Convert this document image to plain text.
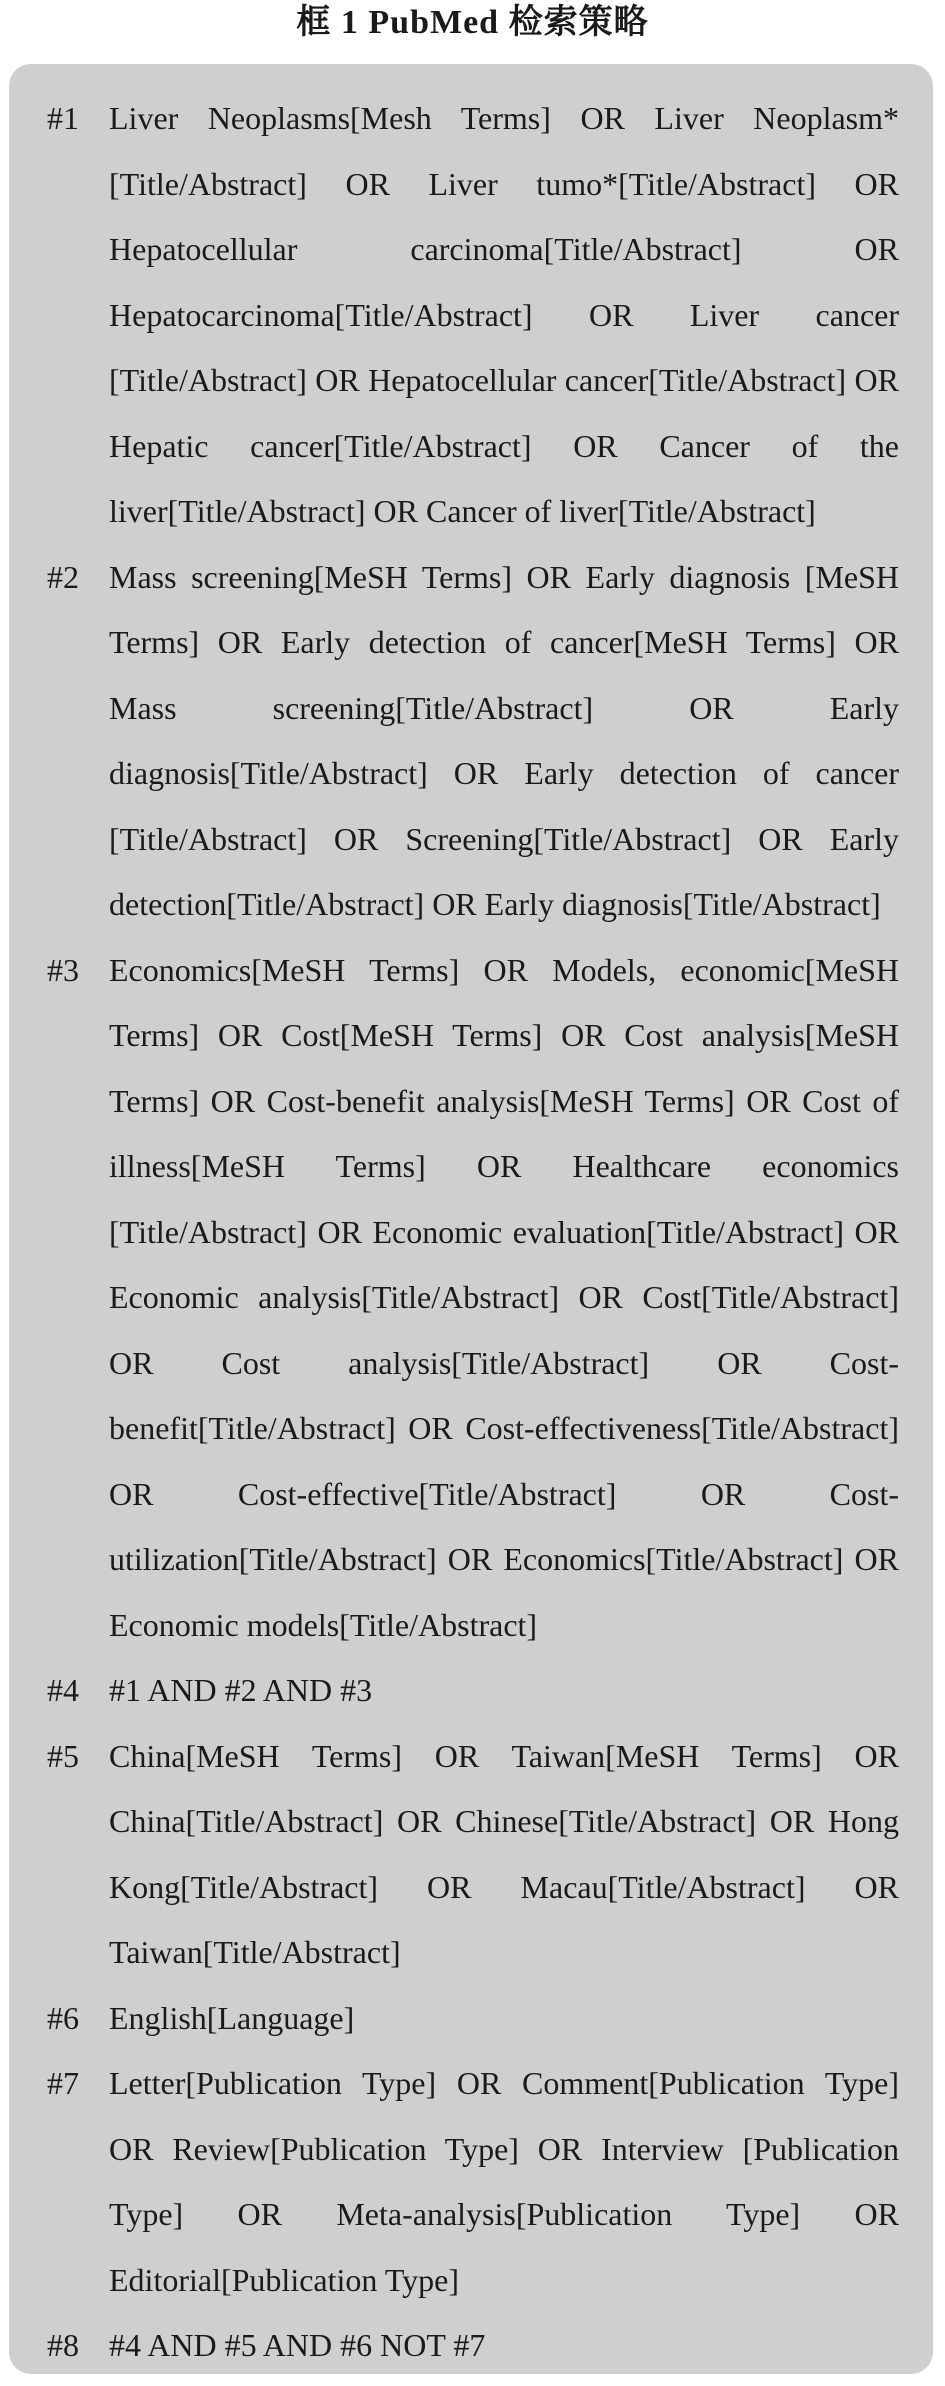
框 1 PubMed 检索策略
#1 Liver Neoplasms[Mesh Terms] OR Liver Neoplasm*[Title/Abstract] OR Liver tumo*[Title/Abstract] OR Hepatocellular carcinoma[Title/Abstract] OR Hepatocarcinoma[Title/Abstract] OR Liver cancer [Title/Abstract] OR Hepatocellular cancer[Title/Abstract] OR Hepatic cancer[Title/Abstract] OR Cancer of the liver[Title/Abstract] OR Cancer of liver[Title/Abstract]
#2 Mass screening[MeSH Terms] OR Early diagnosis [MeSH Terms] OR Early detection of cancer[MeSH Terms] OR Mass screening[Title/Abstract] OR Early diagnosis[Title/Abstract] OR Early detection of cancer [Title/Abstract] OR Screening[Title/Abstract] OR Early detection[Title/Abstract] OR Early diagnosis[Title/Abstract]
#3 Economics[MeSH Terms] OR Models, economic[MeSH Terms] OR Cost[MeSH Terms] OR Cost analysis[MeSH Terms] OR Cost-benefit analysis[MeSH Terms] OR Cost of illness[MeSH Terms] OR Healthcare economics [Title/Abstract] OR Economic evaluation[Title/Abstract] OR Economic analysis[Title/Abstract] OR Cost[Title/Abstract] OR Cost analysis[Title/Abstract] OR Cost-benefit[Title/Abstract] OR Cost-effectiveness[Title/Abstract] OR Cost-effective[Title/Abstract] OR Cost-utilization[Title/Abstract] OR Economics[Title/Abstract] OR Economic models[Title/Abstract]
#4 #1 AND #2 AND #3
#5 China[MeSH Terms] OR Taiwan[MeSH Terms] OR China[Title/Abstract] OR Chinese[Title/Abstract] OR Hong Kong[Title/Abstract] OR Macau[Title/Abstract] OR Taiwan[Title/Abstract]
#6 English[Language]
#7 Letter[Publication Type] OR Comment[Publication Type] OR Review[Publication Type] OR Interview [Publication Type] OR Meta-analysis[Publication Type] OR Editorial[Publication Type]
#8 #4 AND #5 AND #6 NOT #7
